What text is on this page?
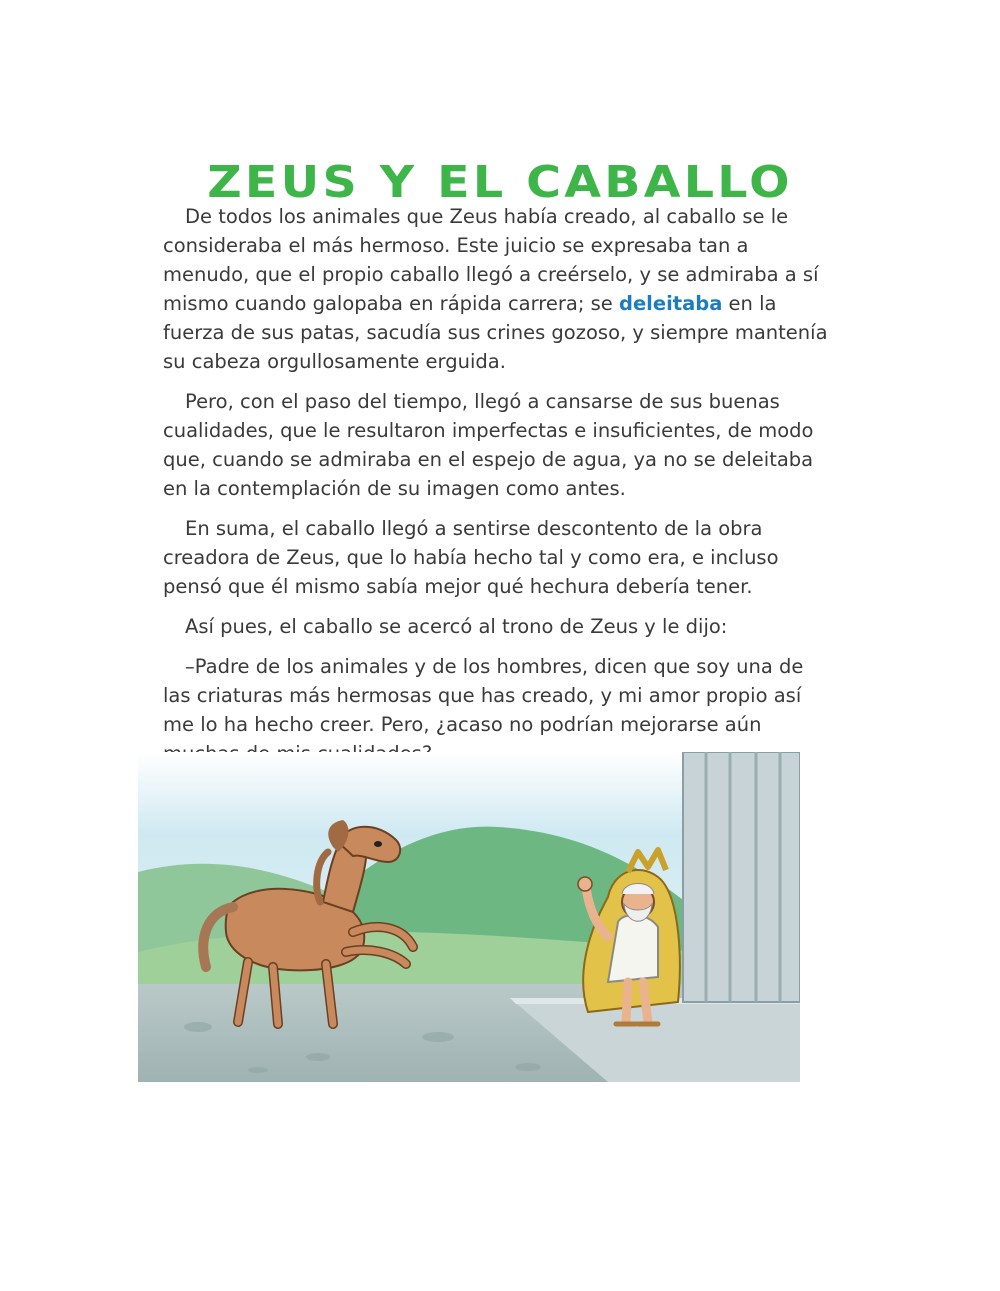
ZEUS Y EL CABALLO

De todos los animales que Zeus había creado, al caballo se le consideraba el más hermoso. Este juicio se expresaba tan a menudo, que el propio caballo llegó a creérselo, y se admiraba a sí mismo cuando galopaba en rápida carrera; se deleitaba en la fuerza de sus patas, sacudía sus crines gozoso, y siempre mantenía su cabeza orgullosamente erguida.

Pero, con el paso del tiempo, llegó a cansarse de sus buenas cualidades, que le resultaron imperfectas e insuficientes, de modo que, cuando se admiraba en el espejo de agua, ya no se deleitaba en la contemplación de su imagen como antes.

En suma, el caballo llegó a sentirse descontento de la obra creadora de Zeus, que lo había hecho tal y como era, e incluso pensó que él mismo sabía mejor qué hechura debería tener.

Así pues, el caballo se acercó al trono de Zeus y le dijo:

–Padre de los animales y de los hombres, dicen que soy una de las criaturas más hermosas que has creado, y mi amor propio así me lo ha hecho creer. Pero, ¿acaso no podrían mejorarse aún
